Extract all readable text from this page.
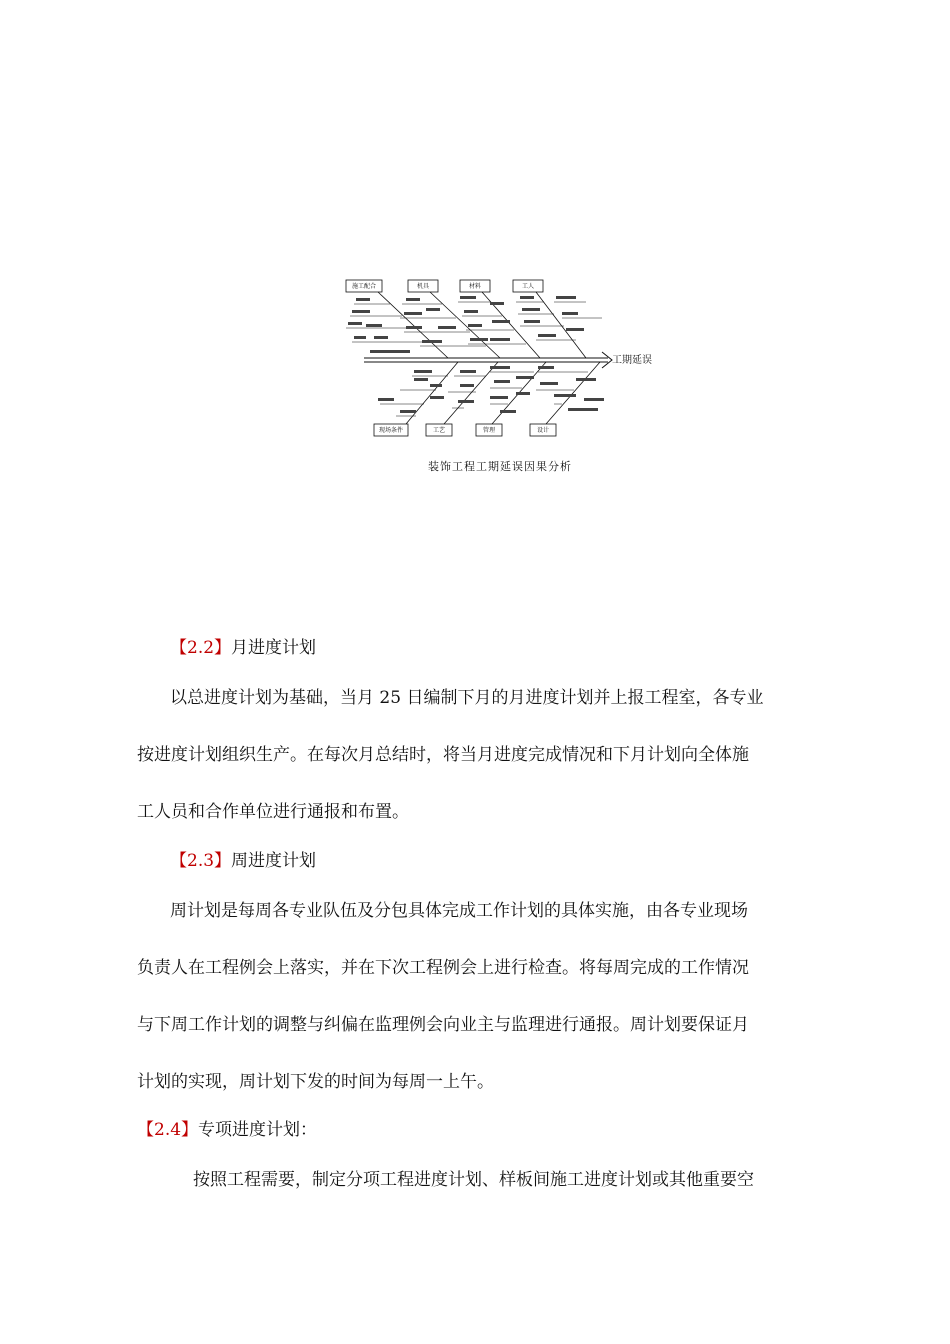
施工配合	机具	材料	工人
现场条件	工艺	管理	设计
工期延误
装饰工程工期延误因果分析
【2.2】月进度计划
以总进度计划为基础，当月 25 日编制下月的月进度计划并上报工程室，各专业
按进度计划组织生产。在每次月总结时，将当月进度完成情况和下月计划向全体施
工人员和合作单位进行通报和布置。
【2.3】周进度计划
周计划是每周各专业队伍及分包具体完成工作计划的具体实施，由各专业现场
负责人在工程例会上落实，并在下次工程例会上进行检查。将每周完成的工作情况
与下周工作计划的调整与纠偏在监理例会向业主与监理进行通报。周计划要保证月
计划的实现，周计划下发的时间为每周一上午。
【2.4】专项进度计划：
按照工程需要，制定分项工程进度计划、样板间施工进度计划或其他重要空
